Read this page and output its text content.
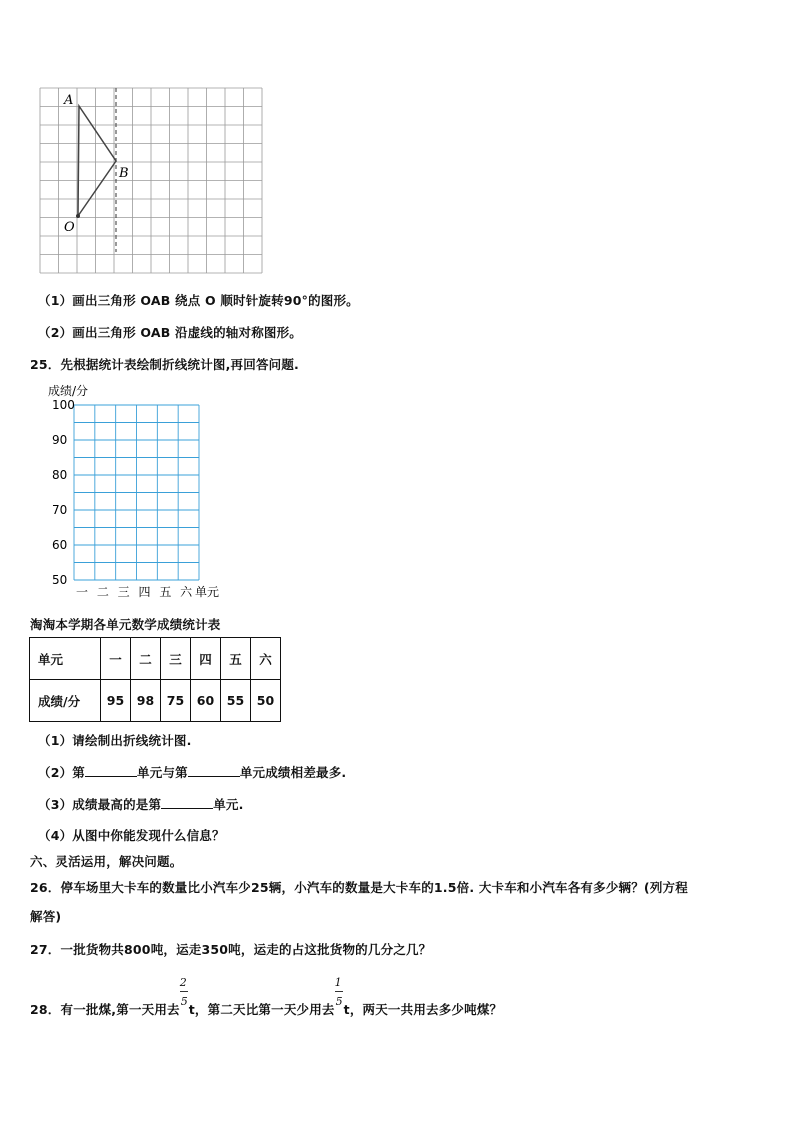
A
B
O
（1）画出三角形 OAB 绕点 O 顺时针旋转90°的图形。
（2）画出三角形 OAB 沿虚线的轴对称图形。
25．先根据统计表绘制折线统计图,再回答问题.
成绩/分
100
90
80
70
60
50
一 二 三 四 五 六 单元
淘淘本学期各单元数学成绩统计表
单元	一	二	三	四	五	六
成绩/分	95	98	75	60	55	50
（1）请绘制出折线统计图.
（2）第	单元与第	单元成绩相差最多.
（3）成绩最高的是第	单元.
（4）从图中你能发现什么信息？
六、灵活运用，解决问题。
26．停车场里大卡车的数量比小汽车少25辆，小汽车的数量是大卡车的1.5倍. 大卡车和小汽车各有多少辆？(列方程
解答)
27．一批货物共800吨，运走350吨，运走的占这批货物的几分之几？
28．有一批煤,第一天用去 $\frac{2}{5}$ t，第二天比第一天少用去 $\frac{1}{5}$ t，两天一共用去多少吨煤？
